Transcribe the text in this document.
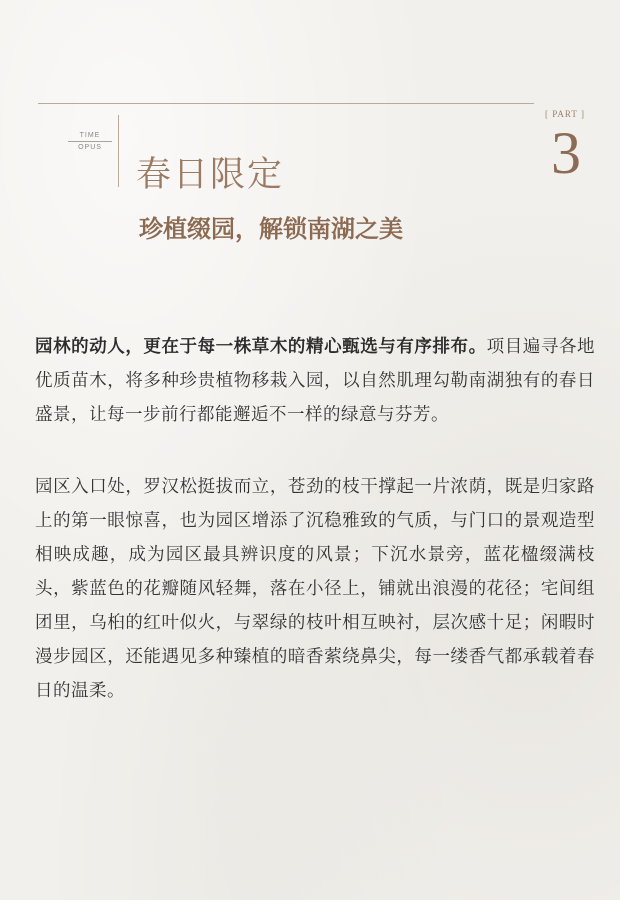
TIME
OPUS
[ PART ]
3
春日限定
珍植缀园，解锁南湖之美

园林的动人，更在于每一株草木的精心甄选与有序排布。项目遍寻各地优质苗木，将多种珍贵植物移栽入园，以自然肌理勾勒南湖独有的春日盛景，让每一步前行都能邂逅不一样的绿意与芬芳。

园区入口处，罗汉松挺拔而立，苍劲的枝干撑起一片浓荫，既是归家路上的第一眼惊喜，也为园区增添了沉稳雅致的气质，与门口的景观造型相映成趣，成为园区最具辨识度的风景；下沉水景旁，蓝花楹缀满枝头，紫蓝色的花瓣随风轻舞，落在小径上，铺就出浪漫的花径；宅间组团里，乌桕的红叶似火，与翠绿的枝叶相互映衬，层次感十足；闲暇时漫步园区，还能遇见多种臻植的暗香萦绕鼻尖，每一缕香气都承载着春日的温柔。
